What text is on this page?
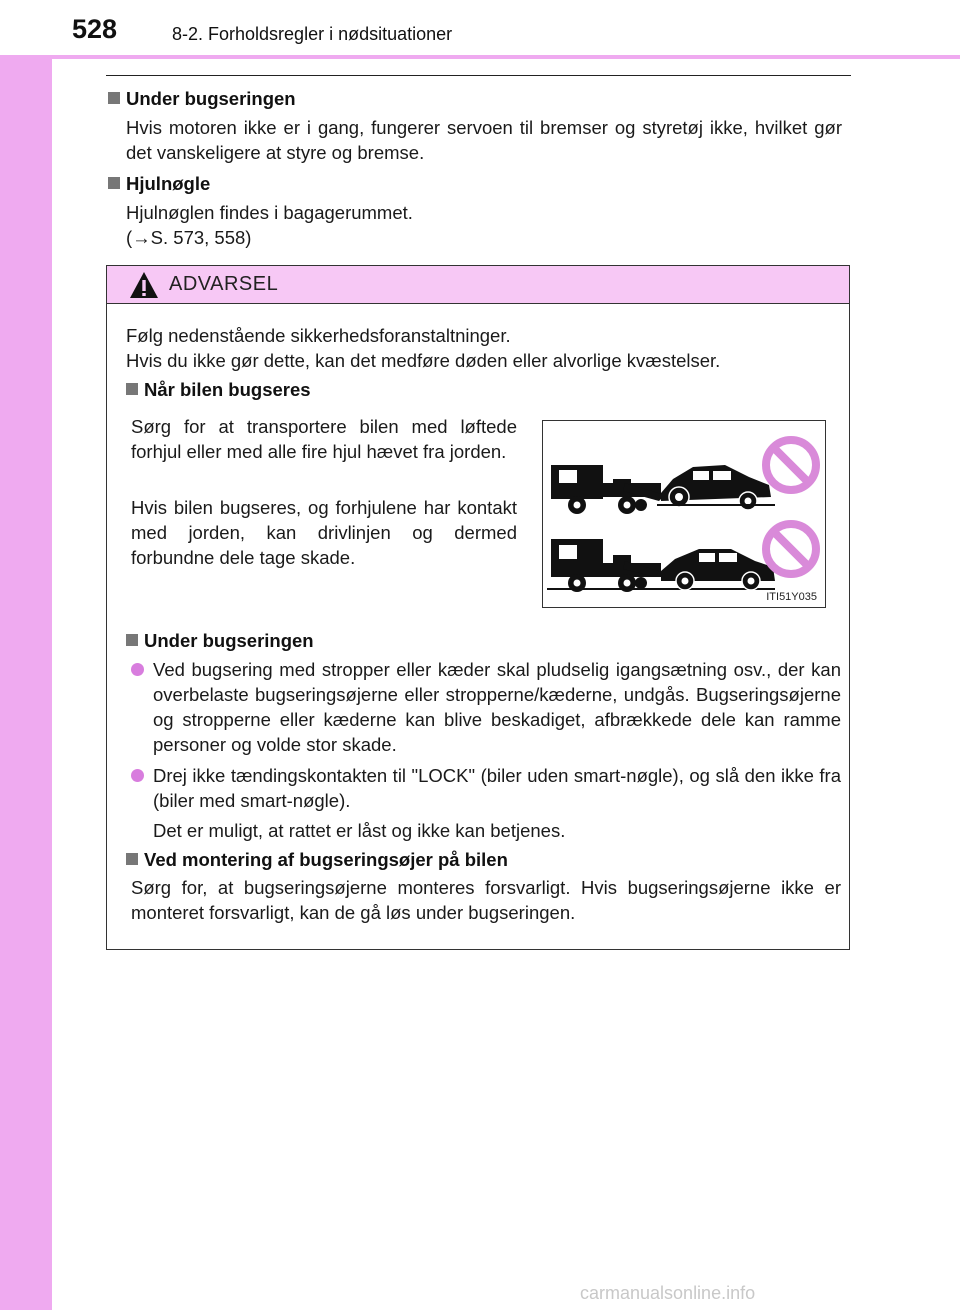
528	8-2. Forholdsregler i nødsituationer
Under bugseringen
Hvis motoren ikke er i gang, fungerer servoen til bremser og styretøj ikke, hvilket gør det vanskeligere at styre og bremse.
Hjulnøgle
Hjulnøglen findes i bagagerummet.
(→S. 573, 558)
ADVARSEL
Følg nedenstående sikkerhedsforanstaltninger.
Hvis du ikke gør dette, kan det medføre døden eller alvorlige kvæstelser.
Når bilen bugseres
Sørg for at transportere bilen med løftede forhjul eller med alle fire hjul hævet fra jorden.
Hvis bilen bugseres, og forhjulene har kontakt med jorden, kan drivlinjen og dermed forbundne dele tage skade.
Under bugseringen
Ved bugsering med stropper eller kæder skal pludselig igangsætning osv., der kan overbelaste bugseringsøjerne eller stropperne/kæderne, undgås. Bugseringsøjerne og stropperne eller kæderne kan blive beskadiget, afbrækkede dele kan ramme personer og volde stor skade.
Drej ikke tændingskontakten til "LOCK" (biler uden smart-nøgle), og slå den ikke fra (biler med smart-nøgle).
Det er muligt, at rattet er låst og ikke kan betjenes.
Ved montering af bugseringsøjer på bilen
Sørg for, at bugseringsøjerne monteres forsvarligt. Hvis bugseringsøjerne ikke er monteret forsvarligt, kan de gå løs under bugseringen.
ITI51Y035
carmanualsonline.info
